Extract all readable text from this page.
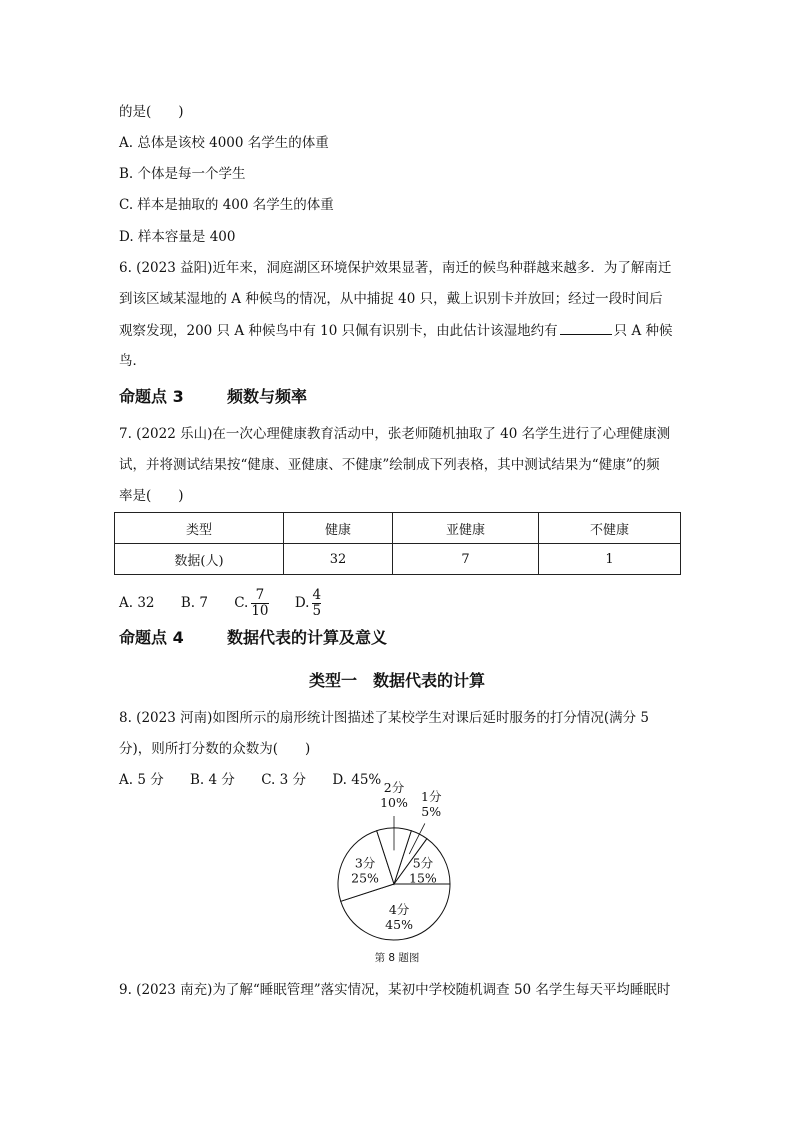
的是(　　)
A. 总体是该校 4000 名学生的体重
B. 个体是每一个学生
C. 样本是抽取的 400 名学生的体重
D. 样本容量是 400
6. (2023 益阳)近年来，洞庭湖区环境保护效果显著，南迁的候鸟种群越来越多．为了解南迁
到该区域某湿地的 A 种候鸟的情况，从中捕捉 40 只，戴上识别卡并放回；经过一段时间后
观察发现，200 只 A 种候鸟中有 10 只佩有识别卡，由此估计该湿地约有	只 A 种候
鸟．
命题点 3	频数与频率
7. (2022 乐山)在一次心理健康教育活动中，张老师随机抽取了 40 名学生进行了心理健康测
试，并将测试结果按“健康、亚健康、不健康”绘制成下列表格，其中测试结果为“健康”的频
率是(　　)
类型	健康	亚健康	不健康
数据(人)	32	7	1
A. 32 B. 7 C. $\frac{7}{10} D$. $\frac{4}{5}$
命题点 4	数据代表的计算及意义
类型一　数据代表的计算
8. (2023 河南)如图所示的扇形统计图描述了某校学生对课后延时服务的打分情况(满分 5
分)，则所打分数的众数为(　　)
A. 5 分 B. 4 分 C. 3 分 D. 45%
1分
5%
5分
15%
4分
45%
3分
25%
2分
10%
第 8 题图
9. (2023 南充)为了解“睡眠管理”落实情况，某初中学校随机调查 50 名学生每天平均睡眠时
